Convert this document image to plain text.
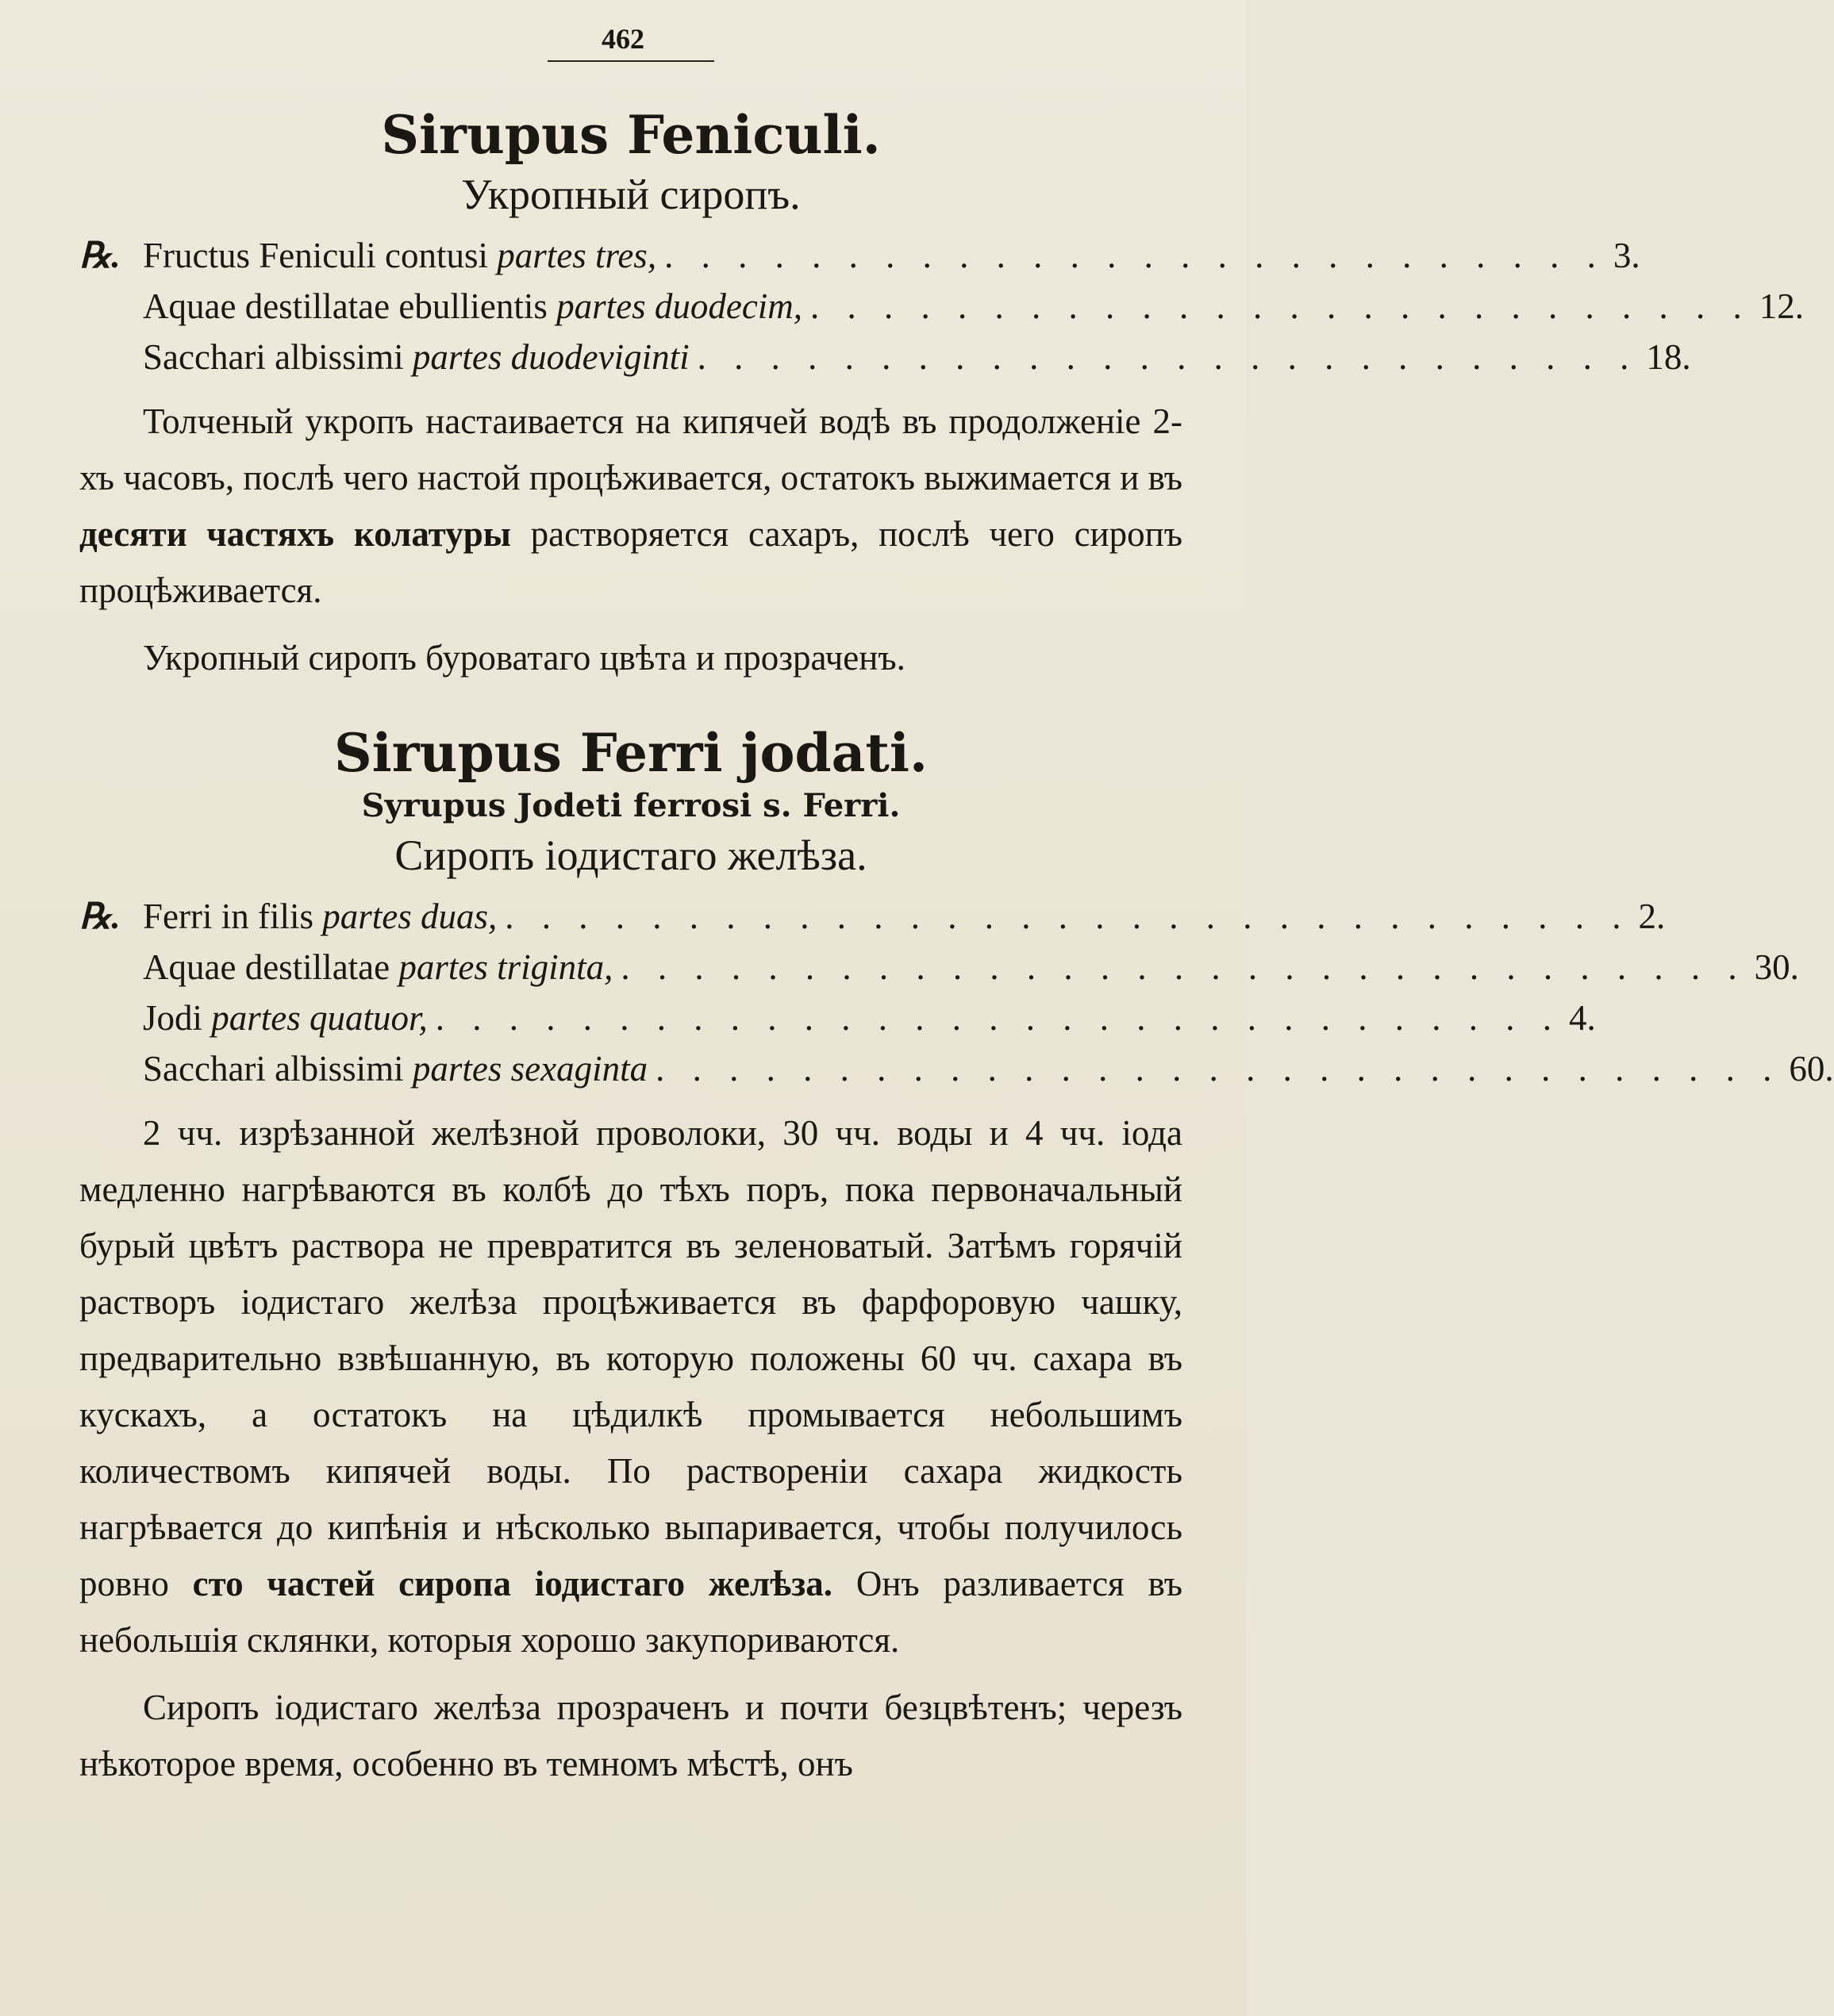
462
Sirupus Feniculi.
Укропный сиропъ.
℞. Fructus Feniculi contusi partes tres, . . . . . . . . . . . . . . . . . . . . . . . . . . 3.
Aquae destillatae ebullientis partes duodecim, . . . . . . . . . . . . . . . . . . . . . . . . . . 12.
Sacchari albissimi partes duodeviginti . . . . . . . . . . . . . . . . . . . . . . . . . . 18.

Толченый укропъ настаивается на кипячей водѣ въ продолженіе 2-хъ часовъ, послѣ чего настой процѣживается, остатокъ выжимается и въ десяти частяхъ колатуры растворяется сахаръ, послѣ чего сиропъ процѣживается.

Укропный сиропъ буроватаго цвѣта и прозраченъ.

Sirupus Ferri jodati.
Syrupus Jodeti ferrosi s. Ferri.
Сиропъ іодистаго желѣза.
℞. Ferri in filis partes duas, . . . . . . . . . . . . . . . . . . . . . . . . . . . . . . . 2.
Aquae destillatae partes triginta, . . . . . . . . . . . . . . . . . . . . . . . . . . . . . . . 30.
Jodi partes quatuor, . . . . . . . . . . . . . . . . . . . . . . . . . . . . . . . 4.
Sacchari albissimi partes sexaginta . . . . . . . . . . . . . . . . . . . . . . . . . . . . . . . 60.

2 чч. изрѣзанной желѣзной проволоки, 30 чч. воды и 4 чч. іода медленно нагрѣваются въ колбѣ до тѣхъ поръ, пока первоначальный бурый цвѣтъ раствора не превратится въ зеленоватый. Затѣмъ горячій растворъ іодистаго желѣза процѣживается въ фарфоровую чашку, предварительно взвѣшанную, въ которую положены 60 чч. сахара въ кускахъ, а остатокъ на цѣдилкѣ промывается небольшимъ количествомъ кипячей воды. По раствореніи сахара жидкость нагрѣвается до кипѣнія и нѣсколько выпаривается, чтобы получилось ровно сто частей сиропа іодистаго желѣза. Онъ разливается въ небольшія склянки, которыя хорошо закупориваются.

Сиропъ іодистаго желѣза прозраченъ и почти безцвѣтенъ; черезъ нѣкоторое время, особенно въ темномъ мѣстѣ, онъ
